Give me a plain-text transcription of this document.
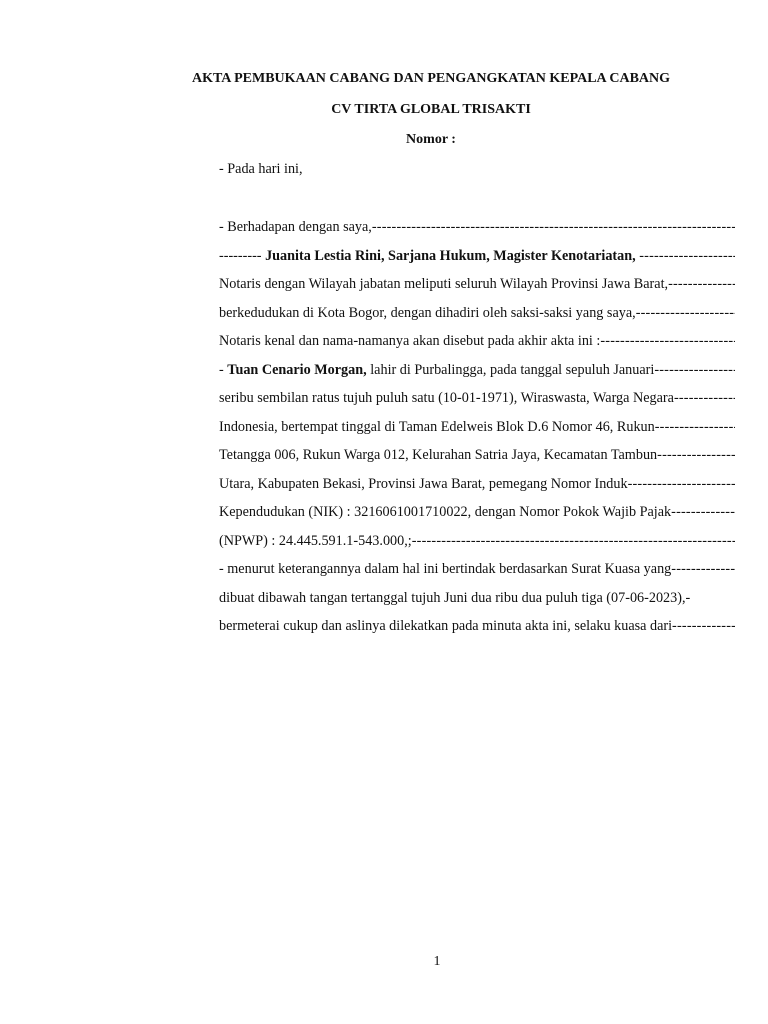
AKTA PEMBUKAAN CABANG DAN PENGANGKATAN KEPALA CABANG
CV TIRTA GLOBAL TRISAKTI
Nomor :
- Pada hari ini,
- Berhadapan dengan saya,
-----
--------- Juanita Lestia Rini, Sarjana Hukum, Magister Kenotariatan,

-----
Notaris dengan Wilayah jabatan meliputi seluruh Wilayah Provinsi Jawa Barat,
-----
berkedudukan di Kota Bogor, dengan dihadiri oleh saksi-saksi yang saya,
-----
Notaris kenal dan nama-namanya akan disebut pada akhir akta ini :
-----
- Tuan Cenario Morgan, lahir di Purbalingga, pada tanggal sepuluh Januari
-----
seribu sembilan ratus tujuh puluh satu (10-01-1971), Wiraswasta, Warga Negara
-----
Indonesia, bertempat tinggal di Taman Edelweis Blok D.6 Nomor 46, Rukun
-----
Tetangga 006, Rukun Warga 012, Kelurahan Satria Jaya, Kecamatan Tambun
-----
Utara, Kabupaten Bekasi, Provinsi Jawa Barat, pemegang Nomor Induk
-----
Kependudukan (NIK) : 3216061001710022, dengan Nomor Pokok Wajib Pajak
-----
(NPWP) : 24.445.591.1-543.000,;
-----
- menurut keterangannya dalam hal ini bertindak berdasarkan Surat Kuasa yang
-----
dibuat dibawah tangan tertanggal tujuh Juni dua ribu dua puluh tiga (07-06-2023),-
bermeterai cukup dan aslinya dilekatkan pada minuta akta ini, selaku kuasa dari
-----
1
